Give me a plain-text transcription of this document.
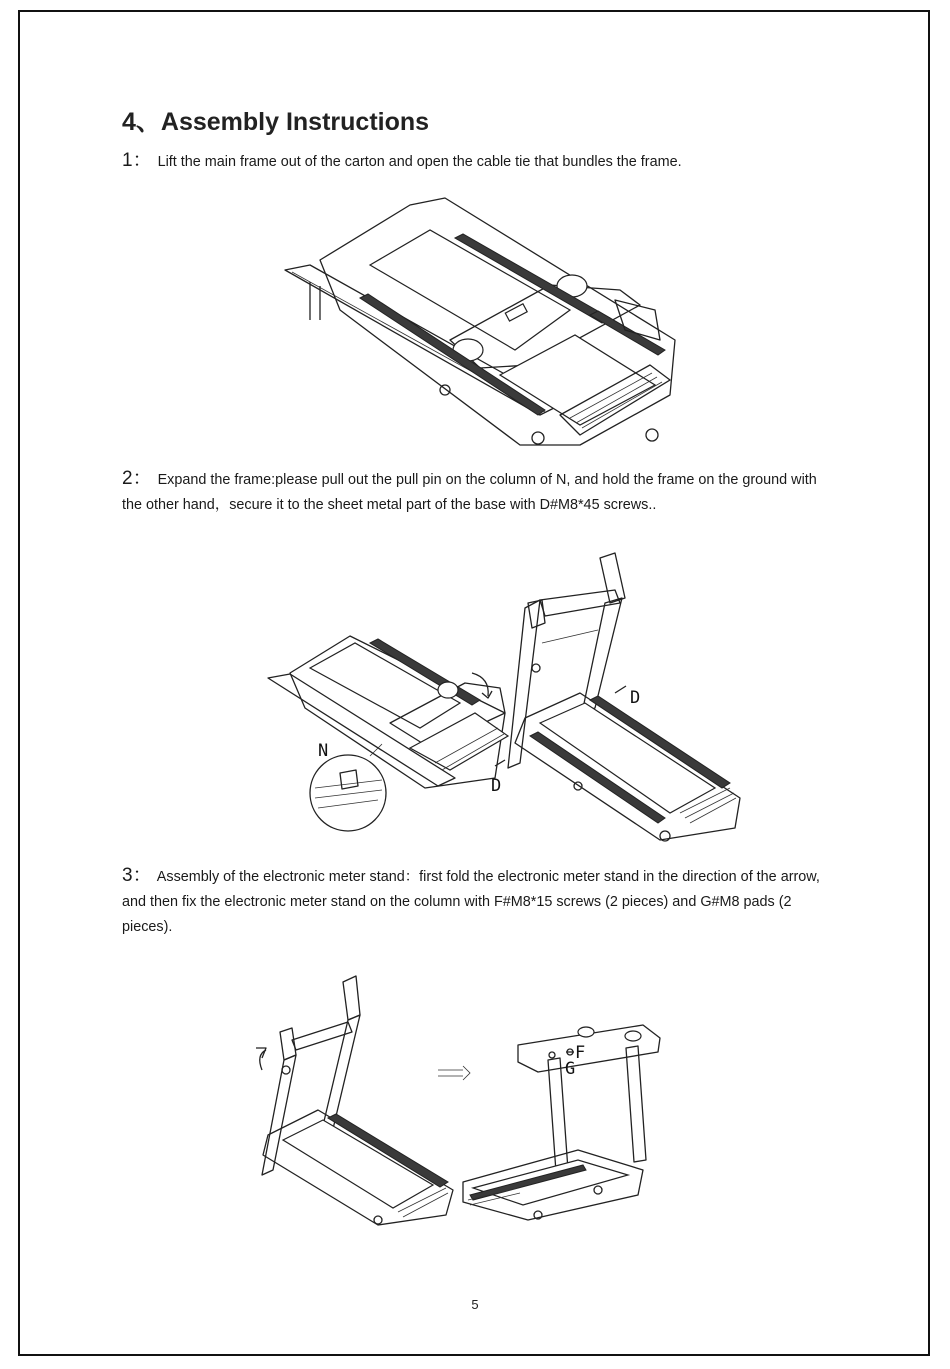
4、Assembly Instructions
1： Lift the main frame out of the carton and open the cable tie that bundles the frame.
2： Expand the frame:please pull out the pull pin on the column of N, and hold the frame on the ground with the other hand，secure it to the sheet metal part of the base with D#M8*45 screws..
N
D
D
3： Assembly of the electronic meter stand：first fold the electronic meter stand in the direction of the arrow, and then fix the electronic meter stand on the column with F#M8*15 screws (2 pieces) and G#M8 pads (2 pieces).
F
G
5
